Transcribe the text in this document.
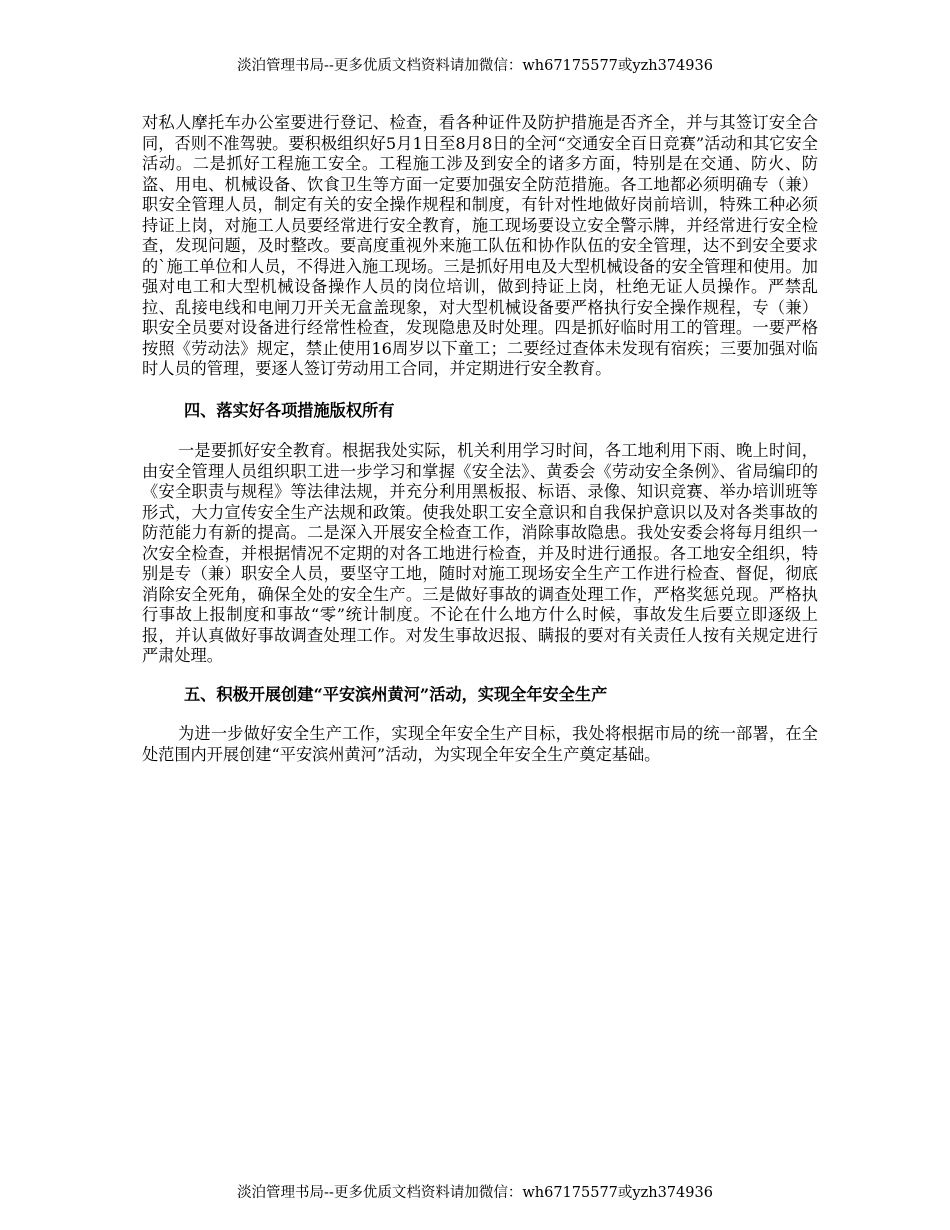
淡泊管理书局--更多优质文档资料请加微信：wh67175577或yzh374936

对私人摩托车办公室要进行登记、检查，看各种证件及防护措施是否齐全，并与其签订安全合同，否则不准驾驶。要积极组织好5月1日至8月8日的全河“交通安全百日竞赛”活动和其它安全活动。二是抓好工程施工安全。工程施工涉及到安全的诸多方面，特别是在交通、防火、防盗、用电、机械设备、饮食卫生等方面一定要加强安全防范措施。各工地都必须明确专（兼）职安全管理人员，制定有关的安全操作规程和制度，有针对性地做好岗前培训，特殊工种必须持证上岗，对施工人员要经常进行安全教育，施工现场要设立安全警示牌，并经常进行安全检查，发现问题，及时整改。要高度重视外来施工队伍和协作队伍的安全管理，达不到安全要求的`施工单位和人员，不得进入施工现场。三是抓好用电及大型机械设备的安全管理和使用。加强对电工和大型机械设备操作人员的岗位培训，做到持证上岗，杜绝无证人员操作。严禁乱拉、乱接电线和电闸刀开关无盒盖现象，对大型机械设备要严格执行安全操作规程，专（兼）职安全员要对设备进行经常性检查，发现隐患及时处理。四是抓好临时用工的管理。一要严格按照《劳动法》规定，禁止使用16周岁以下童工；二要经过查体未发现有宿疾；三要加强对临时人员的管理，要逐人签订劳动用工合同，并定期进行安全教育。

四、落实好各项措施版权所有

一是要抓好安全教育。根据我处实际，机关利用学习时间，各工地利用下雨、晚上时间，由安全管理人员组织职工进一步学习和掌握《安全法》、黄委会《劳动安全条例》、省局编印的《安全职责与规程》等法律法规，并充分利用黑板报、标语、录像、知识竞赛、举办培训班等形式，大力宣传安全生产法规和政策。使我处职工安全意识和自我保护意识以及对各类事故的防范能力有新的提高。二是深入开展安全检查工作，消除事故隐患。我处安委会将每月组织一次安全检查，并根据情况不定期的对各工地进行检查，并及时进行通报。各工地安全组织，特别是专（兼）职安全人员，要坚守工地，随时对施工现场安全生产工作进行检查、督促，彻底消除安全死角，确保全处的安全生产。三是做好事故的调查处理工作，严格奖惩兑现。严格执行事故上报制度和事故“零”统计制度。不论在什么地方什么时候，事故发生后要立即逐级上报，并认真做好事故调查处理工作。对发生事故迟报、瞒报的要对有关责任人按有关规定进行严肃处理。

五、积极开展创建“平安滨州黄河”活动，实现全年安全生产

为进一步做好安全生产工作，实现全年安全生产目标，我处将根据市局的统一部署，在全处范围内开展创建“平安滨州黄河”活动，为实现全年安全生产奠定基础。

淡泊管理书局--更多优质文档资料请加微信：wh67175577或yzh374936
